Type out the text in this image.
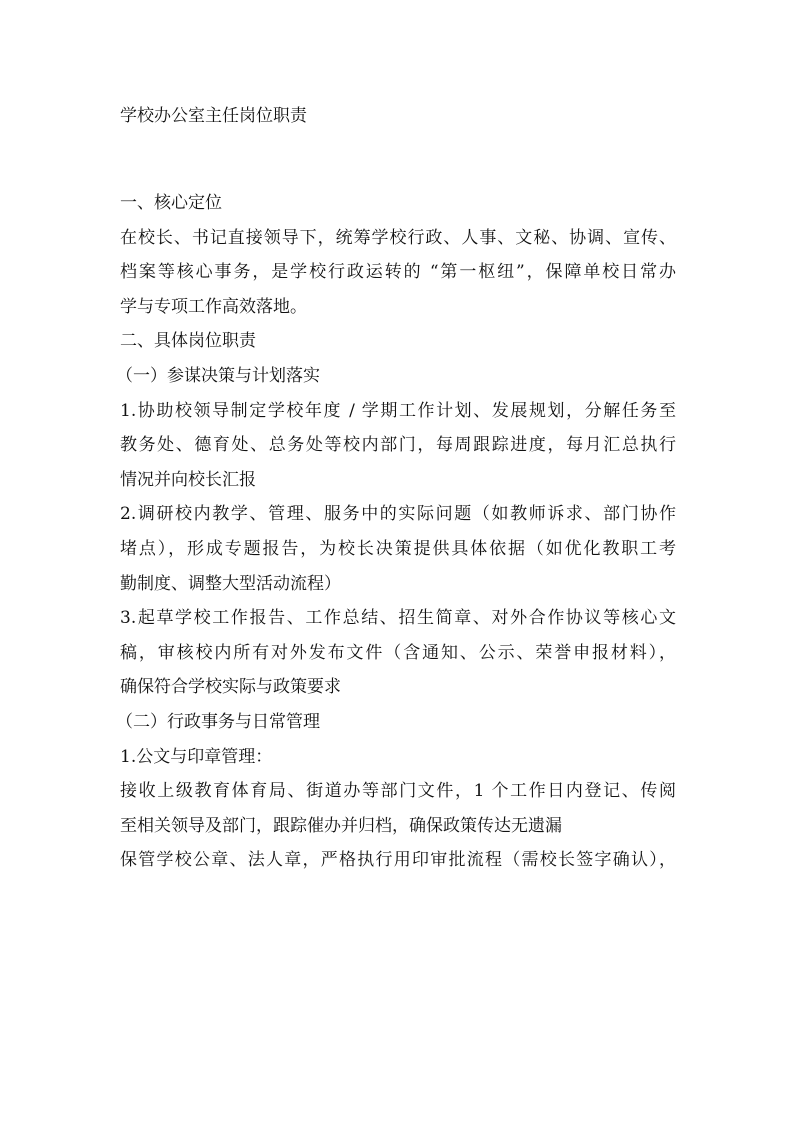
学校办公室主任岗位职责
一、核心定位
在校长、书记直接领导下，统筹学校行政、人事、文秘、协调、宣传、
档案等核心事务，是学校行政运转的 “第一枢纽”，保障单校日常办
学与专项工作高效落地。
二、具体岗位职责
（一）参谋决策与计划落实
1.协助校领导制定学校年度 / 学期工作计划、发展规划，分解任务至
教务处、德育处、总务处等校内部门，每周跟踪进度，每月汇总执行
情况并向校长汇报
2.调研校内教学、管理、服务中的实际问题（如教师诉求、部门协作
堵点），形成专题报告，为校长决策提供具体依据（如优化教职工考
勤制度、调整大型活动流程）
3.起草学校工作报告、工作总结、招生简章、对外合作协议等核心文
稿，审核校内所有对外发布文件（含通知、公示、荣誉申报材料），
确保符合学校实际与政策要求
（二）行政事务与日常管理
1.公文与印章管理：
接收上级教育体育局、街道办等部门文件，1 个工作日内登记、传阅
至相关领导及部门，跟踪催办并归档，确保政策传达无遗漏
保管学校公章、法人章，严格执行用印审批流程（需校长签字确认），
